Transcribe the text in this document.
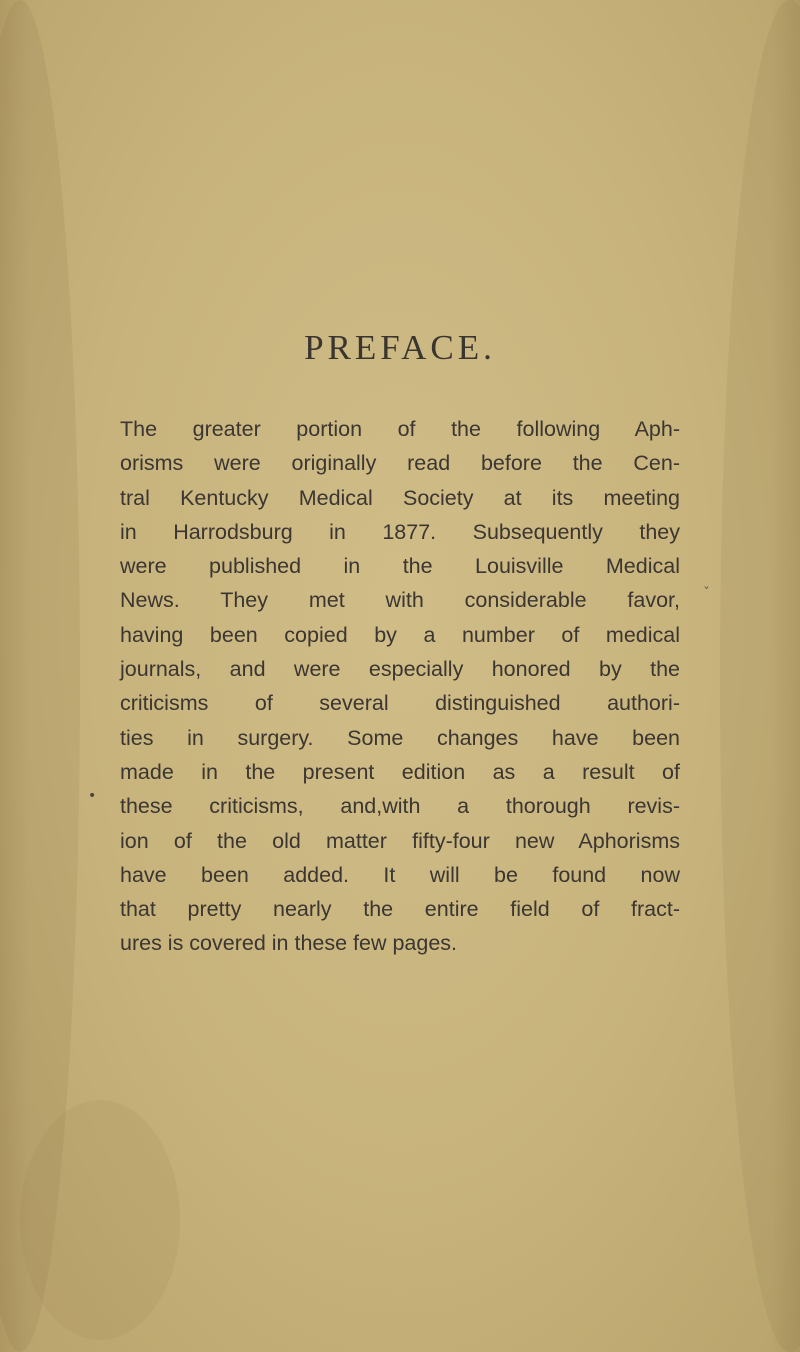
PREFACE.
The greater portion of the following Aph-
orisms were originally read before the Cen-
tral Kentucky Medical Society at its meeting
in Harrodsburg in 1877. Subsequently they
were published in the Louisville Medical
News. They met with considerable favor,
having been copied by a number of medical
journals, and were especially honored by the
criticisms of several distinguished authori-
ties in surgery. Some changes have been
made in the present edition as a result of
these criticisms, and,with a thorough revis-
ion of the old matter fifty-four new Aphorisms
have been added. It will be found now
that pretty nearly the entire field of fract-
ures is covered in these few pages.
•
ˇ
